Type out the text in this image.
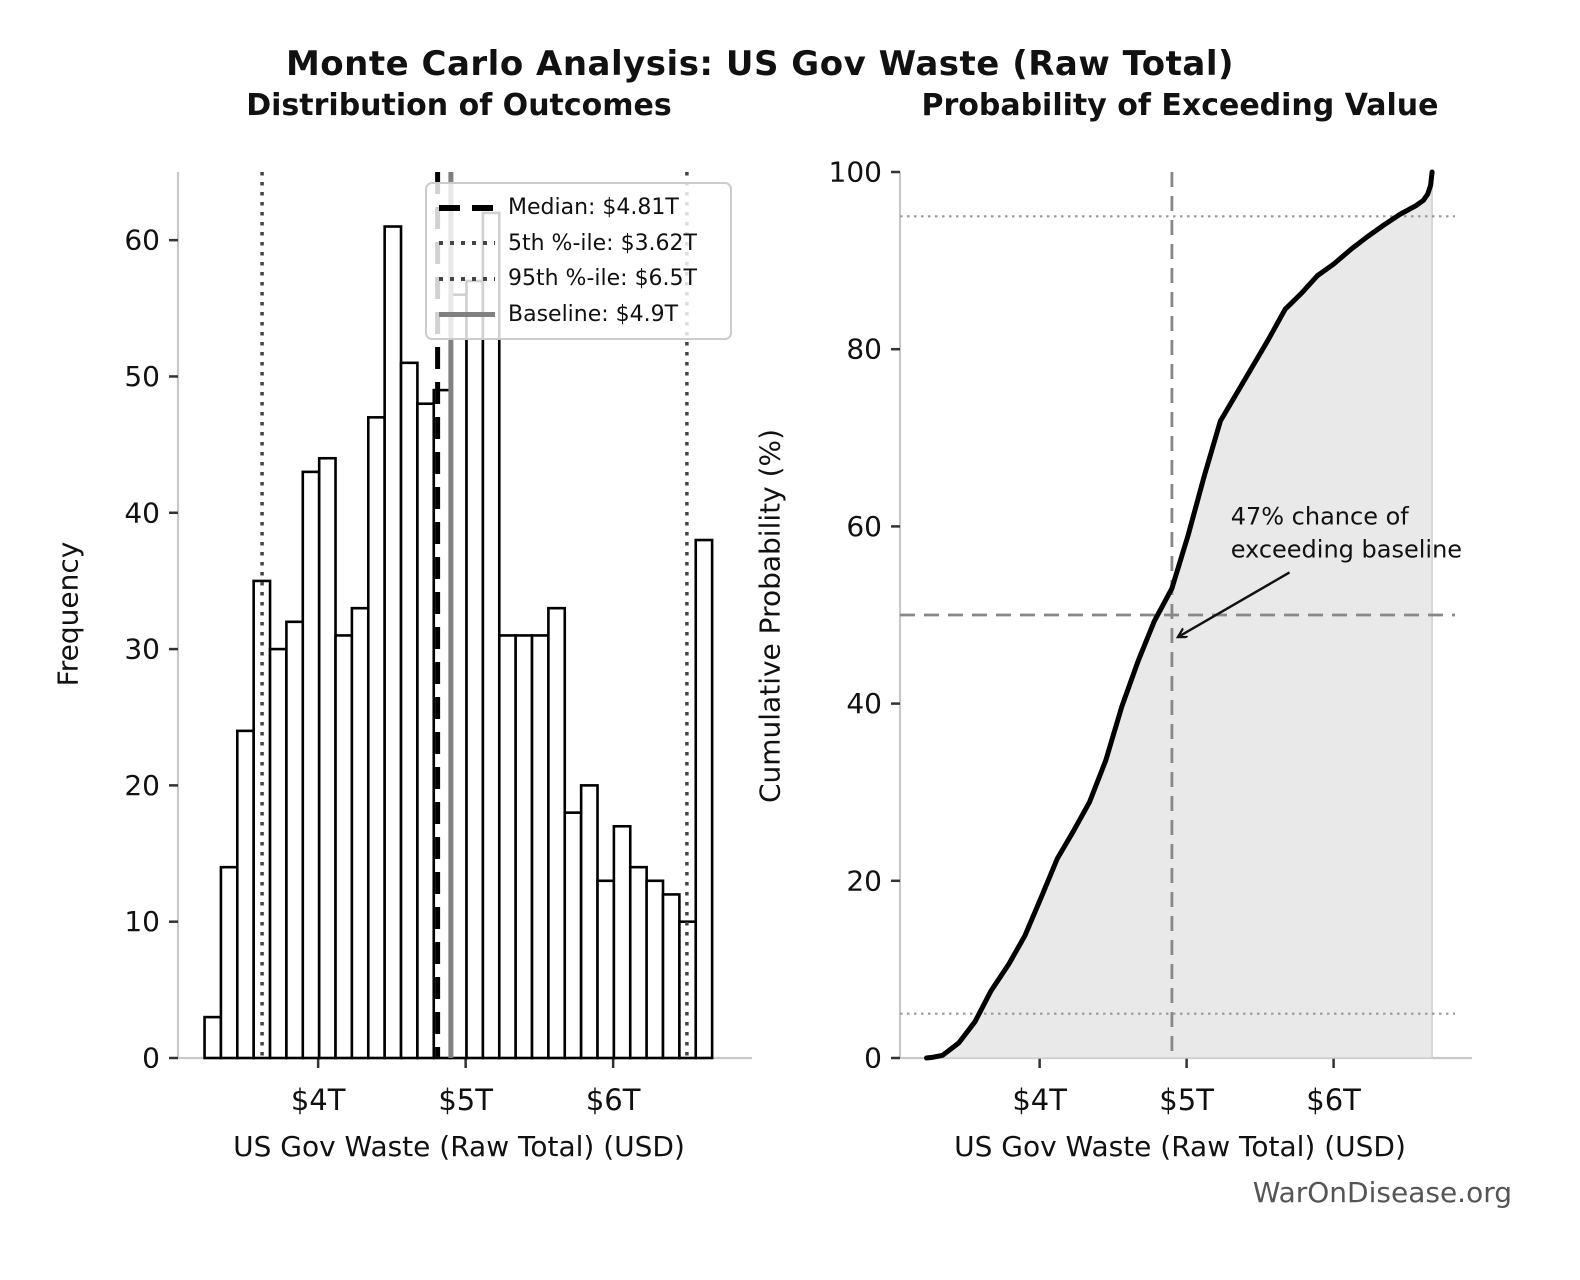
Monte Carlo Analysis: US Gov Waste (Raw Total)
Distribution of Outcomes	Probability of Exceeding Value
Frequency	Cumulative Probability (%)
0
10
20
30
40
50
60
$4T	$5T	$6T
0
20
40
60
80
100
$4T	$5T	$6T
47% chance of
exceeding baseline
US Gov Waste (Raw Total) (USD)	US Gov Waste (Raw Total) (USD)
Median: $4.81T
5th %-ile: $3.62T
95th %-ile: $6.5T
Baseline: $4.9T
WarOnDisease.org
